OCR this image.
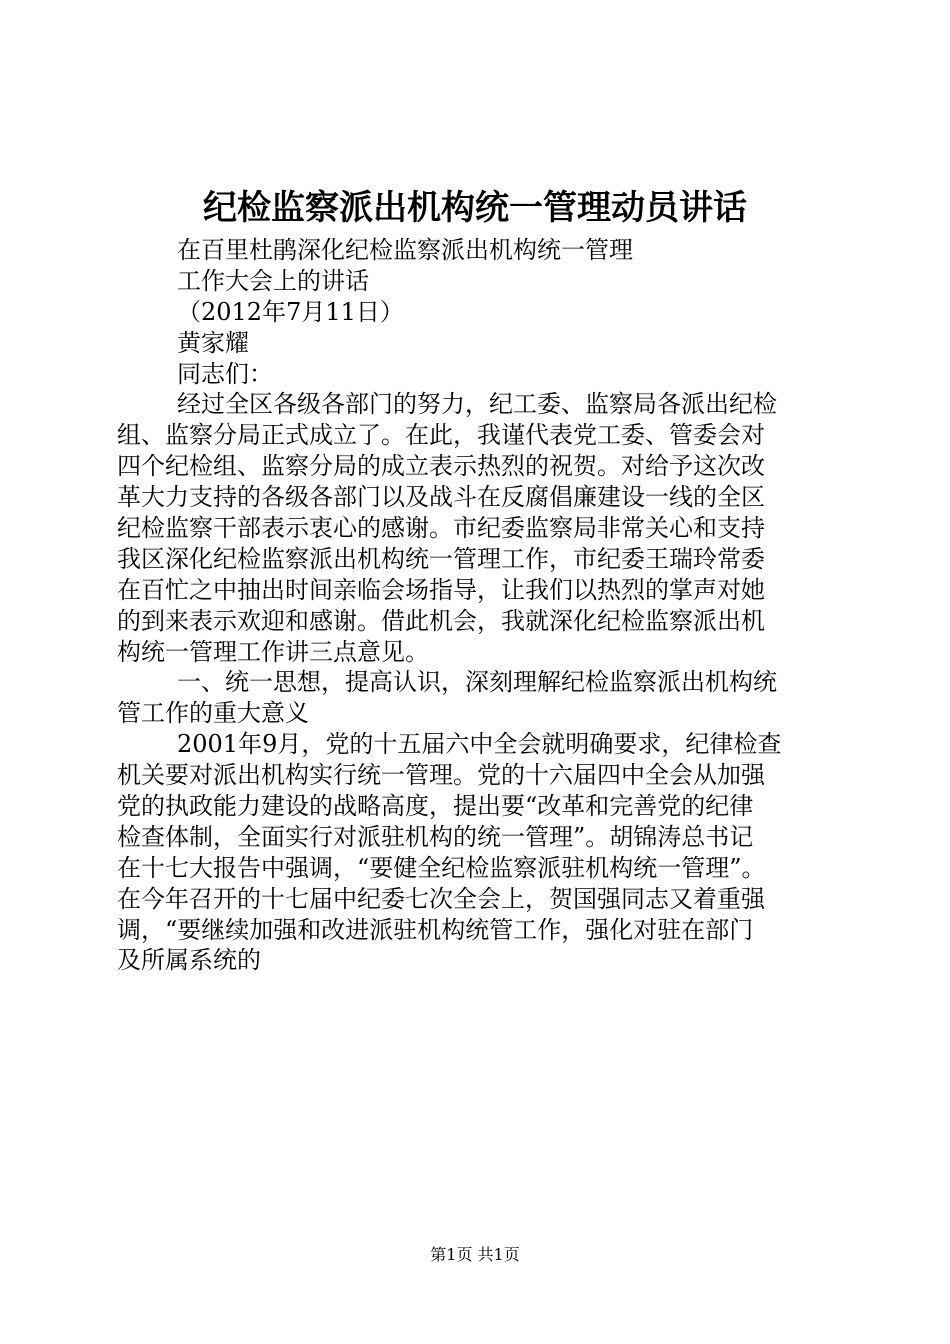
纪检监察派出机构统一管理动员讲话
在百里杜鹃深化纪检监察派出机构统一管理
工作大会上的讲话
（2012年7月11日）
黄家耀
同志们：
经过全区各级各部门的努力，纪工委、监察局各派出纪检
组、监察分局正式成立了。在此，我谨代表党工委、管委会对
四个纪检组、监察分局的成立表示热烈的祝贺。对给予这次改
革大力支持的各级各部门以及战斗在反腐倡廉建设一线的全区
纪检监察干部表示衷心的感谢。市纪委监察局非常关心和支持
我区深化纪检监察派出机构统一管理工作，市纪委王瑞玲常委
在百忙之中抽出时间亲临会场指导，让我们以热烈的掌声对她
的到来表示欢迎和感谢。借此机会，我就深化纪检监察派出机
构统一管理工作讲三点意见。
一、统一思想，提高认识，深刻理解纪检监察派出机构统
管工作的重大意义
2001年9月，党的十五届六中全会就明确要求，纪律检查
机关要对派出机构实行统一管理。党的十六届四中全会从加强
党的执政能力建设的战略高度，提出要“改革和完善党的纪律
检查体制，全面实行对派驻机构的统一管理”。胡锦涛总书记
在十七大报告中强调，“要健全纪检监察派驻机构统一管理”。
在今年召开的十七届中纪委七次全会上，贺国强同志又着重强
调，“要继续加强和改进派驻机构统管工作，强化对驻在部门
及所属系统的
第1页 共1页
